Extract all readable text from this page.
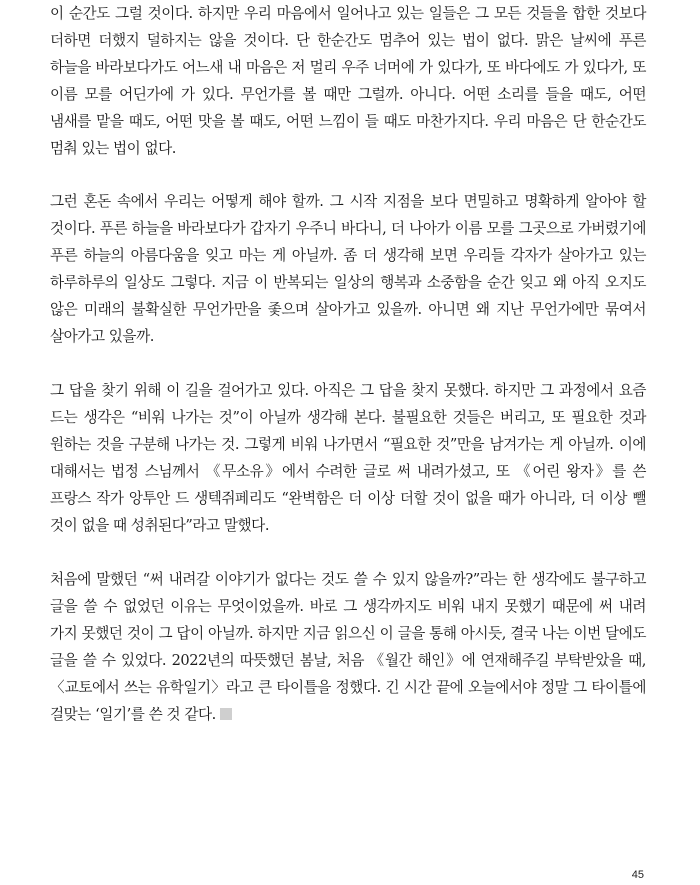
이 순간도 그럴 것이다. 하지만 우리 마음에서 일어나고 있는 일들은 그 모든 것들을 합한 것보다 더하면 더했지 덜하지는 않을 것이다. 단 한순간도 멈추어 있는 법이 없다. 맑은 날씨에 푸른 하늘을 바라보다가도 어느새 내 마음은 저 멀리 우주 너머에 가 있다가, 또 바다에도 가 있다가, 또 이름 모를 어딘가에 가 있다. 무언가를 볼 때만 그럴까. 아니다. 어떤 소리를 들을 때도, 어떤 냄새를 맡을 때도, 어떤 맛을 볼 때도, 어떤 느낌이 들 때도 마찬가지다. 우리 마음은 단 한순간도 멈춰 있는 법이 없다.

그런 혼돈 속에서 우리는 어떻게 해야 할까. 그 시작 지점을 보다 면밀하고 명확하게 알아야 할 것이다. 푸른 하늘을 바라보다가 갑자기 우주니 바다니, 더 나아가 이름 모를 그곳으로 가버렸기에 푸른 하늘의 아름다움을 잊고 마는 게 아닐까. 좀 더 생각해 보면 우리들 각자가 살아가고 있는 하루하루의 일상도 그렇다. 지금 이 반복되는 일상의 행복과 소중함을 순간 잊고 왜 아직 오지도 않은 미래의 불확실한 무언가만을 좇으며 살아가고 있을까. 아니면 왜 지난 무언가에만 묶여서 살아가고 있을까.

그 답을 찾기 위해 이 길을 걸어가고 있다. 아직은 그 답을 찾지 못했다. 하지만 그 과정에서 요즘 드는 생각은 “비워 나가는 것”이 아닐까 생각해 본다. 불필요한 것들은 버리고, 또 필요한 것과 원하는 것을 구분해 나가는 것. 그렇게 비워 나가면서 “필요한 것”만을 남겨가는 게 아닐까. 이에 대해서는 법정 스님께서 《무소유》에서 수려한 글로 써 내려가셨고, 또 《어린 왕자》를 쓴 프랑스 작가 앙투안 드 생텍쥐페리도 “완벽함은 더 이상 더할 것이 없을 때가 아니라, 더 이상 뺄 것이 없을 때 성취된다”라고 말했다.

처음에 말했던 “써 내려갈 이야기가 없다는 것도 쓸 수 있지 않을까?”라는 한 생각에도 불구하고 글을 쓸 수 없었던 이유는 무엇이었을까. 바로 그 생각까지도 비워 내지 못했기 때문에 써 내려 가지 못했던 것이 그 답이 아닐까. 하지만 지금 읽으신 이 글을 통해 아시듯, 결국 나는 이번 달에도 글을 쓸 수 있었다. 2022년의 따뜻했던 봄날, 처음 《월간 해인》에 연재해주길 부탁받았을 때, 〈교토에서 쓰는 유학일기〉라고 큰 타이틀을 정했다. 긴 시간 끝에 오늘에서야 정말 그 타이틀에 걸맞는 ‘일기’를 쓴 것 같다.

45
